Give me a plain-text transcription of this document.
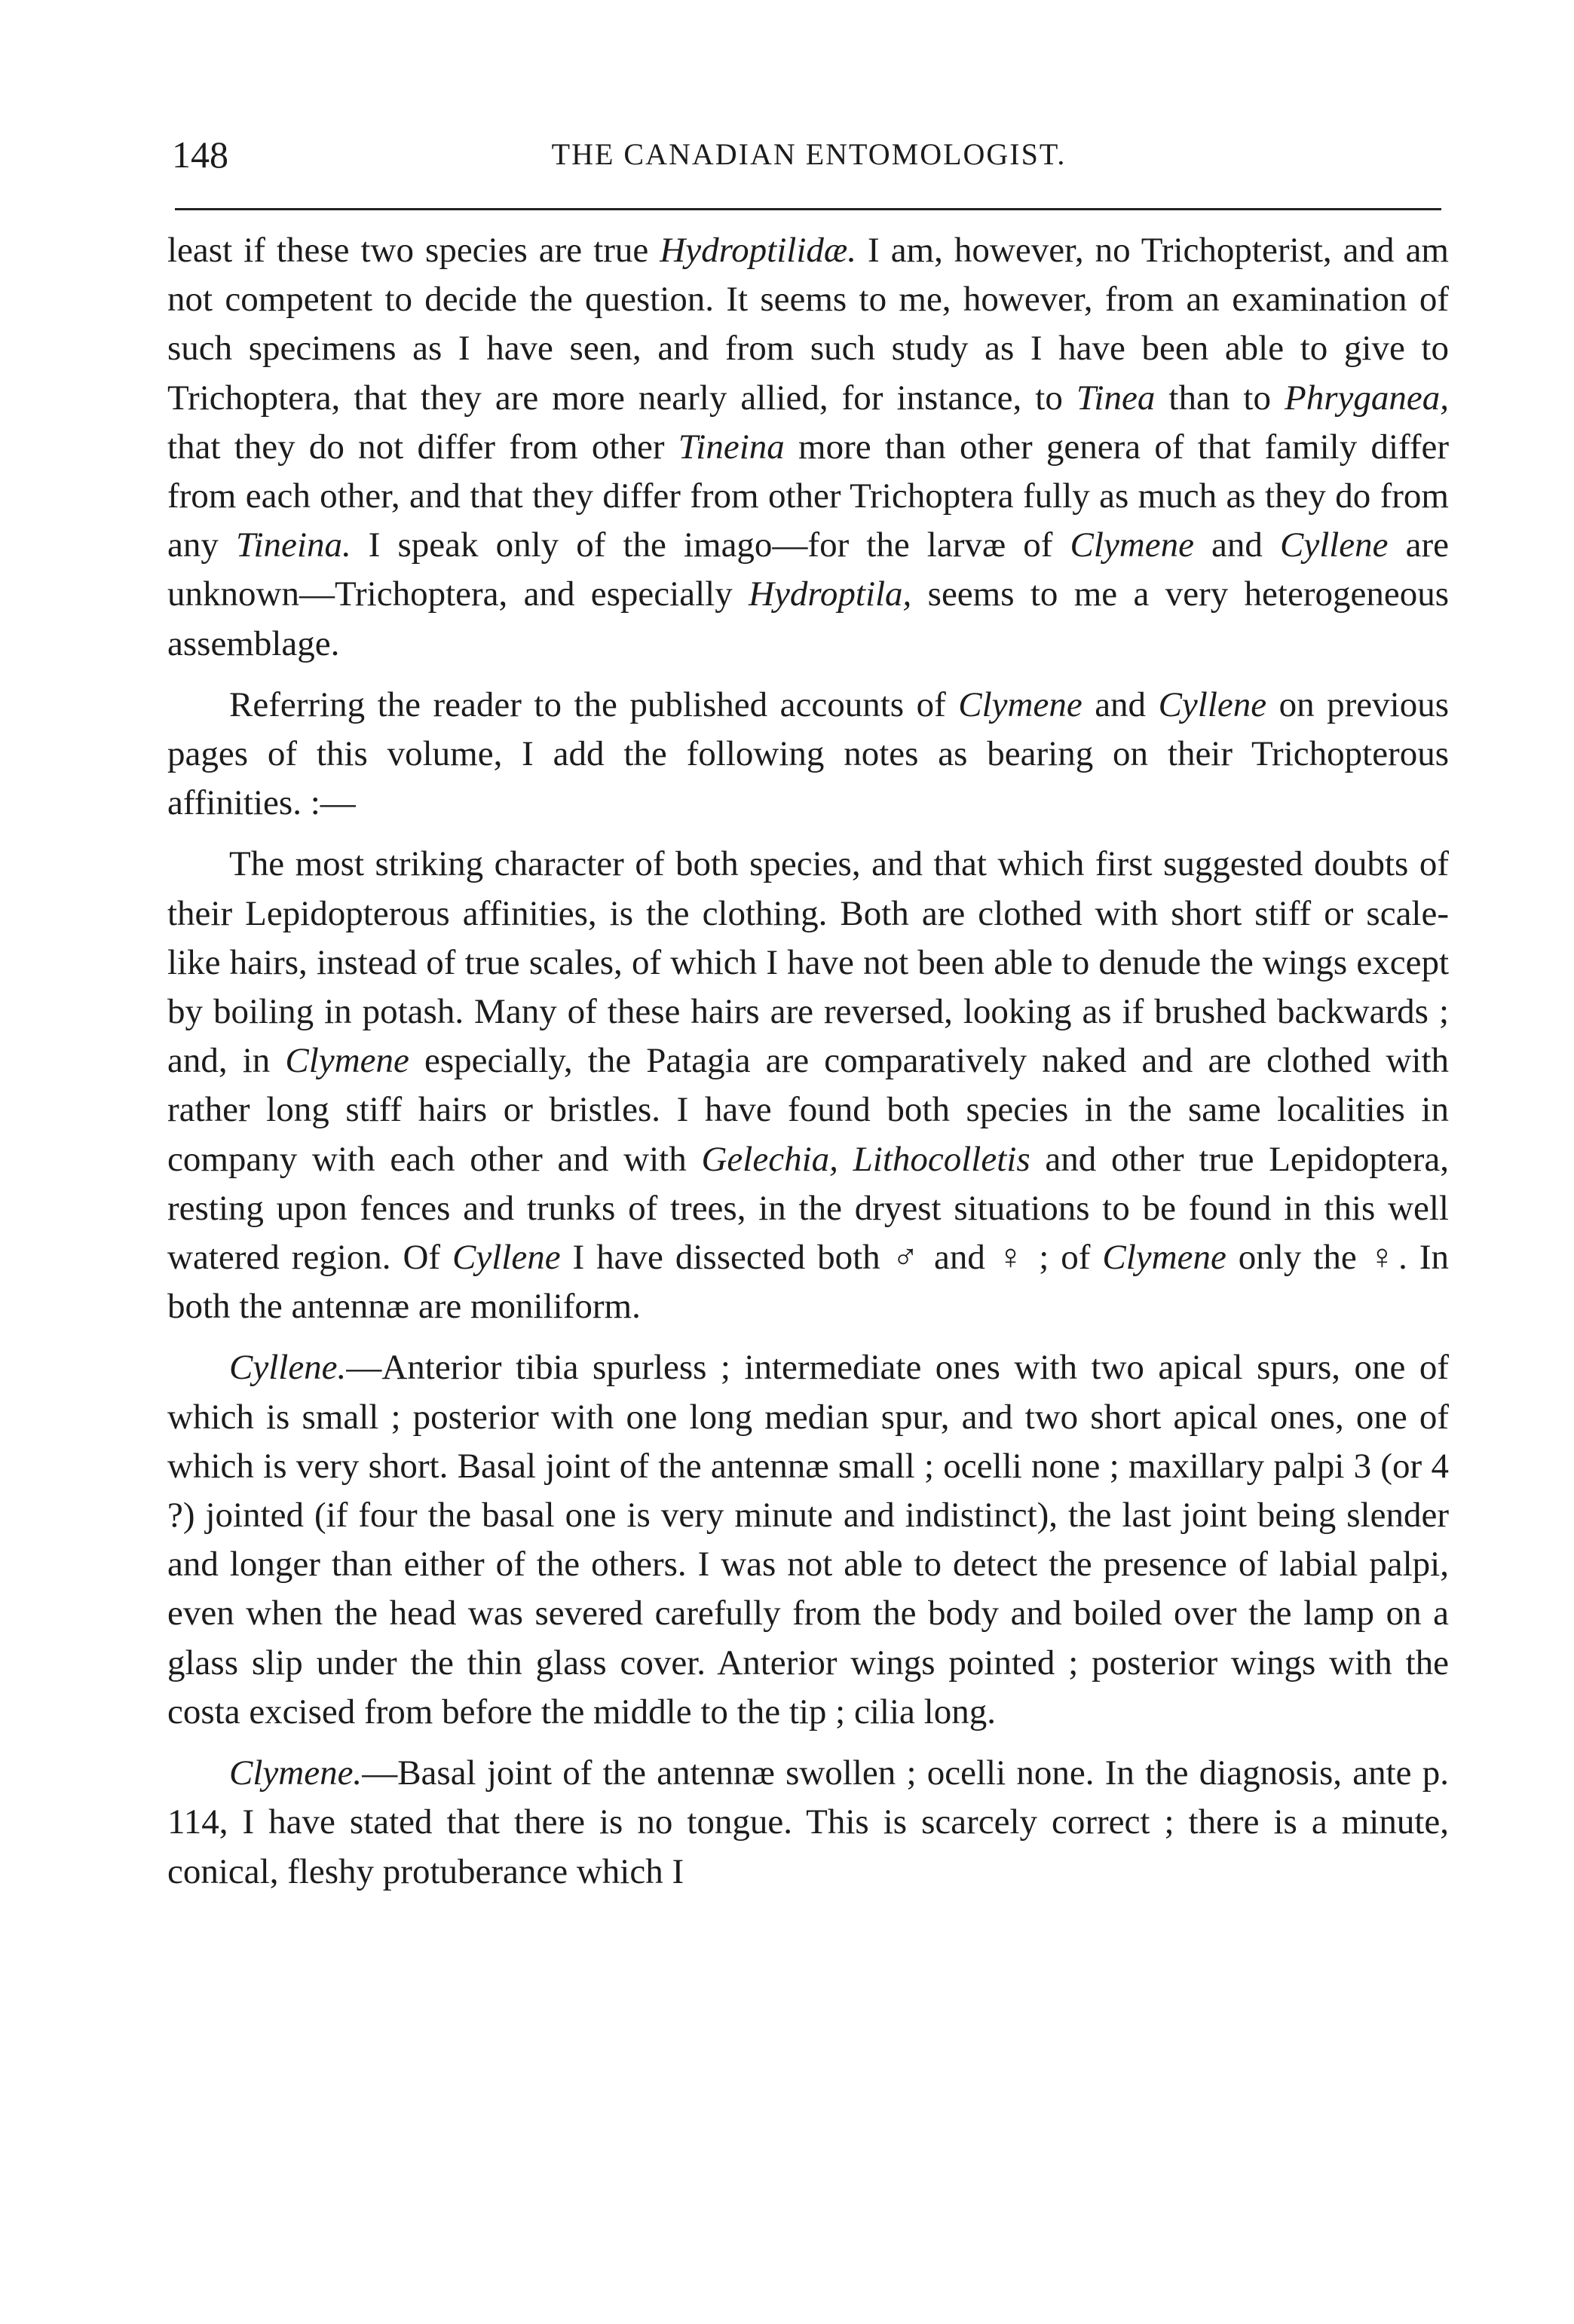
148	THE CANADIAN ENTOMOLOGIST.

least if these two species are true Hydroptilidæ. I am, however, no Trichopterist, and am not competent to decide the question. It seems to me, however, from an examination of such specimens as I have seen, and from such study as I have been able to give to Trichoptera, that they are more nearly allied, for instance, to Tinea than to Phryganea, that they do not differ from other Tineina more than other genera of that family differ from each other, and that they differ from other Trichoptera fully as much as they do from any Tineina. I speak only of the imago—for the larvæ of Clymene and Cyllene are unknown—Trichoptera, and especially Hydroptila, seems to me a very heterogeneous assemblage.

Referring the reader to the published accounts of Clymene and Cyllene on previous pages of this volume, I add the following notes as bearing on their Trichopterous affinities. :—

The most striking character of both species, and that which first suggested doubts of their Lepidopterous affinities, is the clothing. Both are clothed with short stiff or scale-like hairs, instead of true scales, of which I have not been able to denude the wings except by boiling in potash. Many of these hairs are reversed, looking as if brushed backwards ; and, in Clymene especially, the Patagia are comparatively naked and are clothed with rather long stiff hairs or bristles. I have found both species in the same localities in company with each other and with Gelechia, Lithocolletis and other true Lepidoptera, resting upon fences and trunks of trees, in the dryest situations to be found in this well watered region. Of Cyllene I have dissected both ♂ and ♀ ; of Clymene only the ♀. In both the antennæ are moniliform.

Cyllene.—Anterior tibia spurless ; intermediate ones with two apical spurs, one of which is small ; posterior with one long median spur, and two short apical ones, one of which is very short. Basal joint of the antennæ small ; ocelli none ; maxillary palpi 3 (or 4 ?) jointed (if four the basal one is very minute and indistinct), the last joint being slender and longer than either of the others. I was not able to detect the presence of labial palpi, even when the head was severed carefully from the body and boiled over the lamp on a glass slip under the thin glass cover. Anterior wings pointed ; posterior wings with the costa excised from before the middle to the tip ; cilia long.

Clymene.—Basal joint of the antennæ swollen ; ocelli none. In the diagnosis, ante p. 114, I have stated that there is no tongue. This is scarcely correct ; there is a minute, conical, fleshy protuberance which I
